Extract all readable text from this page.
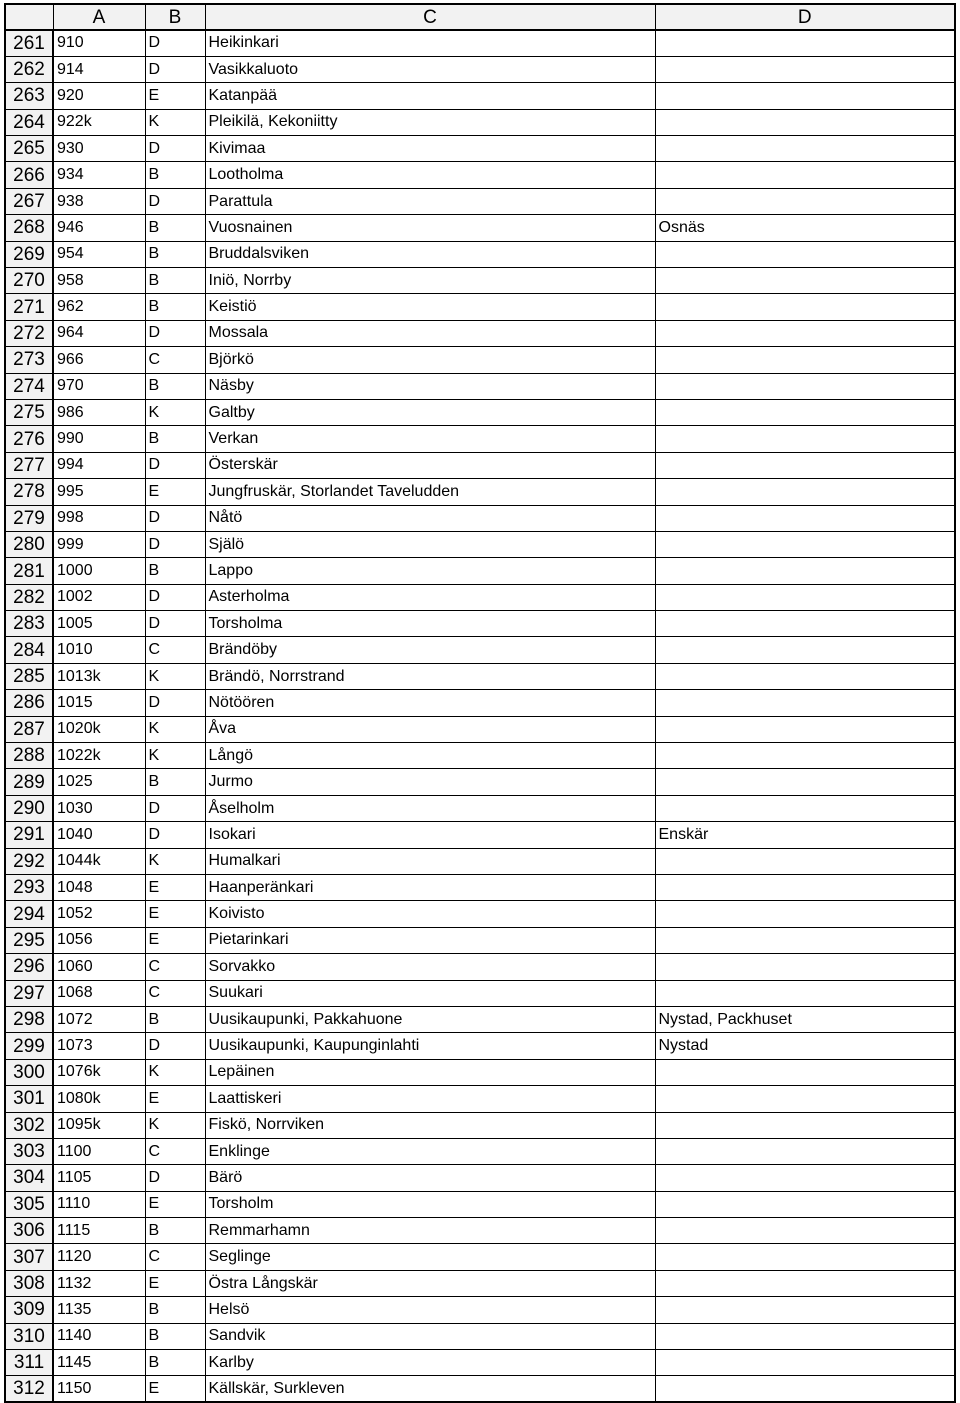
	A	B	C	D
261	910	D	Heikinkari	
262	914	D	Vasikkaluoto	
263	920	E	Katanpää	
264	922k	K	Pleikilä, Kekoniitty	
265	930	D	Kivimaa	
266	934	B	Lootholma	
267	938	D	Parattula	
268	946	B	Vuosnainen	Osnäs
269	954	B	Bruddalsviken	
270	958	B	Iniö, Norrby	
271	962	B	Keistiö	
272	964	D	Mossala	
273	966	C	Björkö	
274	970	B	Näsby	
275	986	K	Galtby	
276	990	B	Verkan	
277	994	D	Österskär	
278	995	E	Jungfruskär, Storlandet Taveludden	
279	998	D	Nåtö	
280	999	D	Själö	
281	1000	B	Lappo	
282	1002	D	Asterholma	
283	1005	D	Torsholma	
284	1010	C	Brändöby	
285	1013k	K	Brändö, Norrstrand	
286	1015	D	Nötöören	
287	1020k	K	Åva	
288	1022k	K	Långö	
289	1025	B	Jurmo	
290	1030	D	Åselholm	
291	1040	D	Isokari	Enskär
292	1044k	K	Humalkari	
293	1048	E	Haanperänkari	
294	1052	E	Koivisto	
295	1056	E	Pietarinkari	
296	1060	C	Sorvakko	
297	1068	C	Suukari	
298	1072	B	Uusikaupunki, Pakkahuone	Nystad, Packhuset
299	1073	D	Uusikaupunki, Kaupunginlahti	Nystad
300	1076k	K	Lepäinen	
301	1080k	E	Laattiskeri	
302	1095k	K	Fiskö, Norrviken	
303	1100	C	Enklinge	
304	1105	D	Bärö	
305	1110	E	Torsholm	
306	1115	B	Remmarhamn	
307	1120	C	Seglinge	
308	1132	E	Östra Långskär	
309	1135	B	Helsö	
310	1140	B	Sandvik	
311	1145	B	Karlby	
312	1150	E	Källskär, Surkleven	
